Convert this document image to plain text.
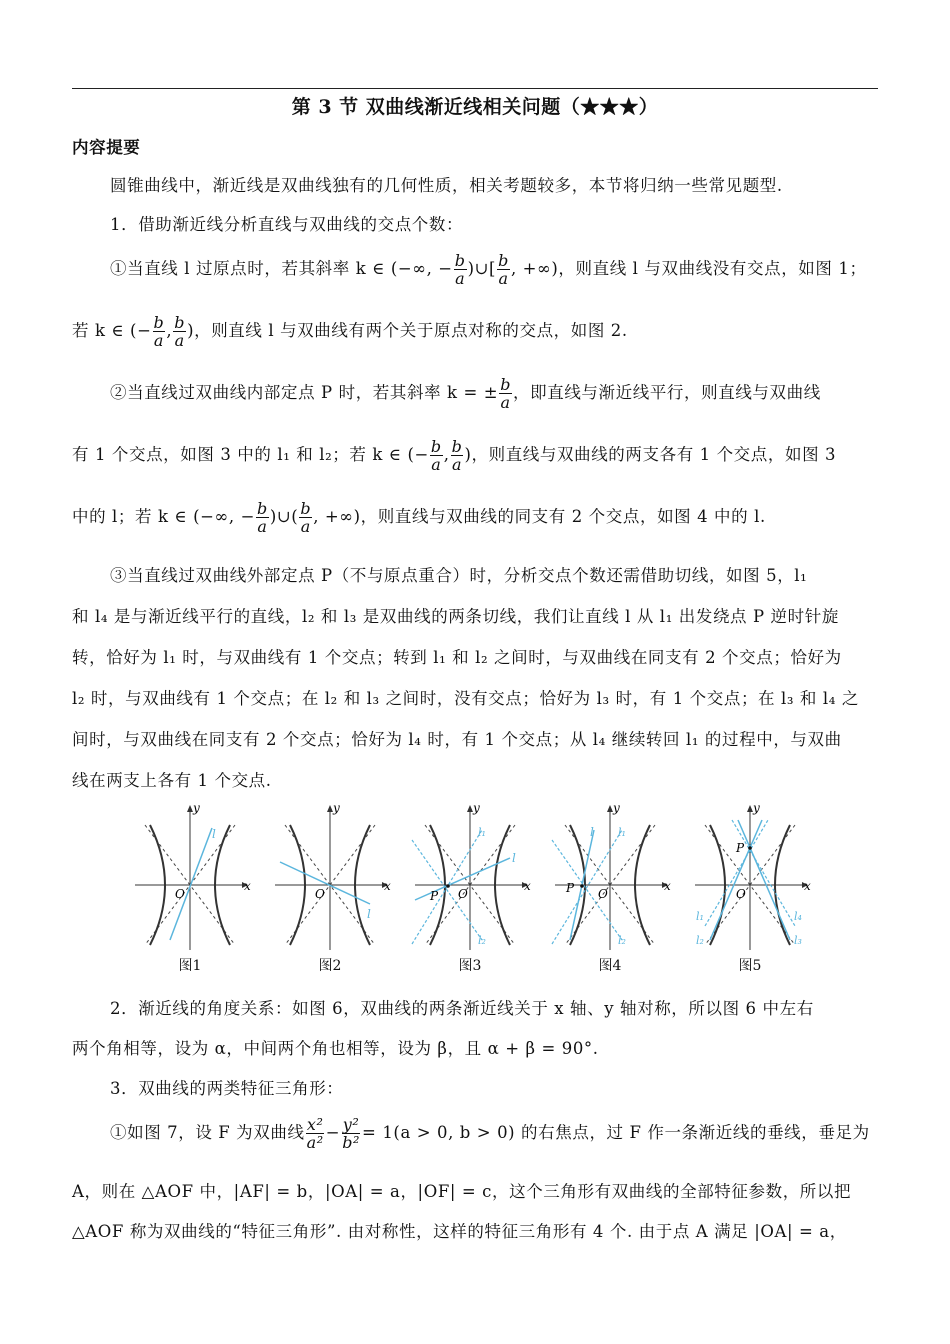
第 3 节 双曲线渐近线相关问题（★★★）
内容提要
圆锥曲线中，渐近线是双曲线独有的几何性质，相关考题较多，本节将归纳一些常见题型.
1．借助渐近线分析直线与双曲线的交点个数：
①当直线 l 过原点时，若其斜率 k ∈ (−∞, − $\frac{b}{a}$ )∪[ $\frac{b}{a}$ , +∞)，则直线 l 与双曲线没有交点，如图 1；
若 k ∈ (− $\frac{b}{a}$ , $\frac{b}{a}$ )，则直线 l 与双曲线有两个关于原点对称的交点，如图 2.
②当直线过双曲线内部定点 P 时，若其斜率 k = ± $\frac{b}{a}$ ，即直线与渐近线平行，则直线与双曲线
有 1 个交点，如图 3 中的 l₁ 和 l₂；若 k ∈ (− $\frac{b}{a}$ , $\frac{b}{a}$ )，则直线与双曲线的两支各有 1 个交点，如图 3
中的 l；若 k ∈ (−∞, − $\frac{b}{a}$ )∪( $\frac{b}{a}$ , +∞)，则直线与双曲线的同支有 2 个交点，如图 4 中的 l.
③当直线过双曲线外部定点 P（不与原点重合）时，分析交点个数还需借助切线，如图 5，l₁
和 l₄ 是与渐近线平行的直线，l₂ 和 l₃ 是双曲线的两条切线，我们让直线 l 从 l₁ 出发绕点 P 逆时针旋
转，恰好为 l₁ 时，与双曲线有 1 个交点；转到 l₁ 和 l₂ 之间时，与双曲线在同支有 2 个交点；恰好为
l₂ 时，与双曲线有 1 个交点；在 l₂ 和 l₃ 之间时，没有交点；恰好为 l₃ 时，有 1 个交点；在 l₃ 和 l₄ 之
间时，与双曲线在同支有 2 个交点；恰好为 l₄ 时，有 1 个交点；从 l₄ 继续转回 l₁ 的过程中，与双曲
线在两支上各有 1 个交点.
y
x
O
l
y
x
O
l
y
x
O
P
l
l₁
l₂
y
x
O
P
l l₁
l₂
y
x
O
P
l₁
l₂
l₄
l₃
图1	图2	图3	图4	图5
2．渐近线的角度关系：如图 6，双曲线的两条渐近线关于 x 轴、y 轴对称，所以图 6 中左右
两个角相等，设为 α，中间两个角也相等，设为 β，且 α + β = 90°.
3．双曲线的两类特征三角形：
①如图 7，设 F 为双曲线 $\frac{\text{x²}}{\text{a²}} - \frac{\text{y²}}{\text{b²}} = 1(a > 0$, b > 0) 的右焦点，过 F 作一条渐近线的垂线，垂足为
A，则在 △AOF 中，|AF| = b，|OA| = a，|OF| = c，这个三角形有双曲线的全部特征参数，所以把
△AOF 称为双曲线的“特征三角形”. 由对称性，这样的特征三角形有 4 个. 由于点 A 满足 |OA| = a，
